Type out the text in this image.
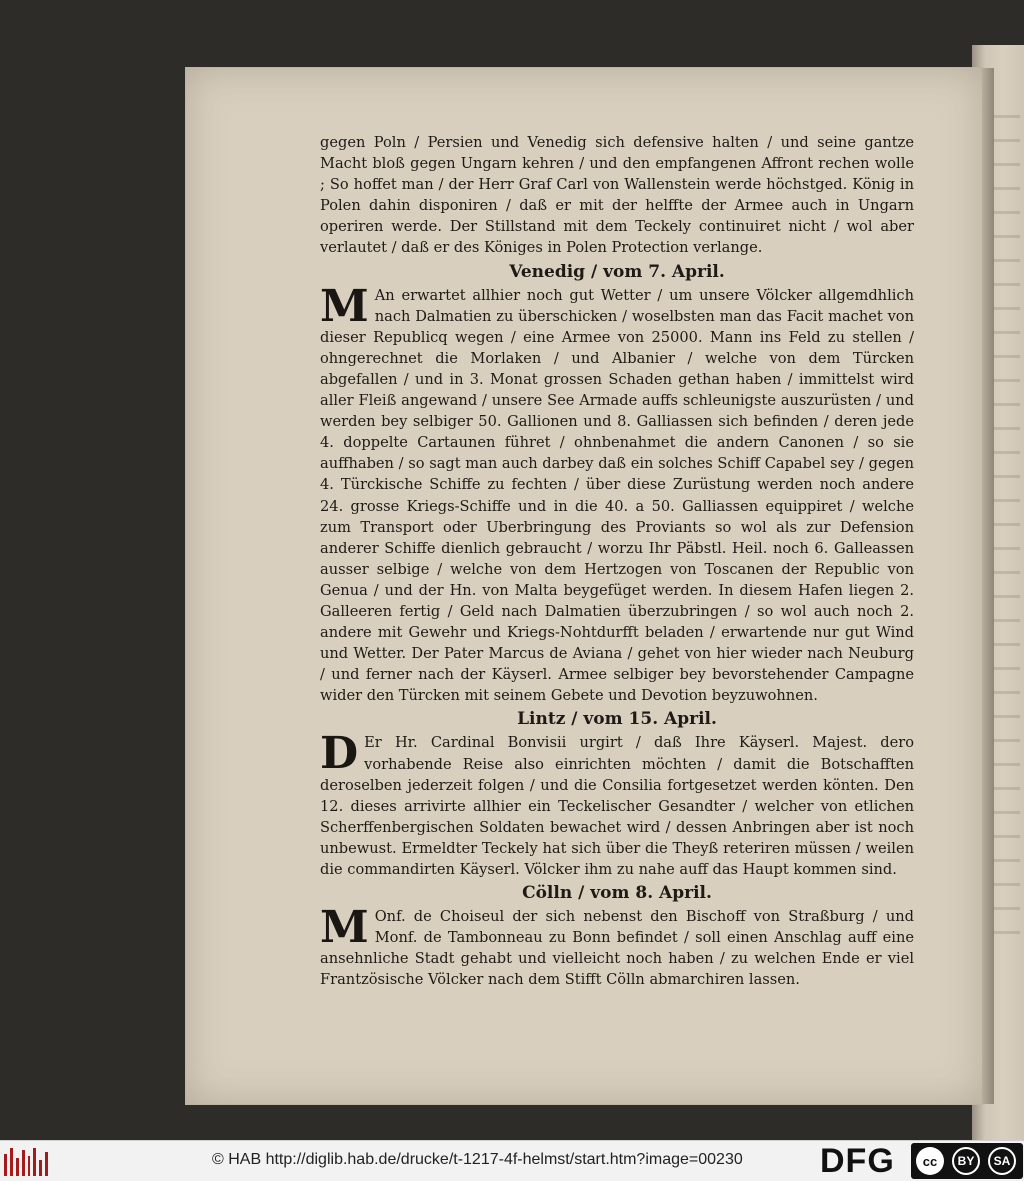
gegen Poln / Persien und Venedig sich defensive halten / und seine gantze Macht bloß gegen Ungarn kehren / und den empfangenen Affront rechen wolle ; So hoffet man / der Herr Graf Carl von Wallenstein werde höchstged. König in Polen dahin disponiren / daß er mit der helffte der Armee auch in Ungarn operiren werde. Der Stillstand mit dem Teckely continuiret nicht / wol aber verlautet / daß er des Königes in Polen Protection verlange.

Venedig / vom 7. April.

M An erwartet allhier noch gut Wetter / um unsere Völcker allgemdhlich nach Dalmatien zu überschicken / woselbsten man das Facit machet von dieser Republicq wegen / eine Armee von 25000. Mann ins Feld zu stellen / ohngerechnet die Morlaken / und Albanier / welche von dem Türcken abgefallen / und in 3. Monat grossen Schaden gethan haben / immittelst wird aller Fleiß angewand / unsere See Armade auffs schleunigste auszurüsten / und werden bey selbiger 50. Gallionen und 8. Galliassen sich befinden / deren jede 4. doppelte Cartaunen führet / ohnbenahmet die andern Canonen / so sie auffhaben / so sagt man auch darbey daß ein solches Schiff Capabel sey / gegen 4. Türckische Schiffe zu fechten / über diese Zurüstung werden noch andere 24. grosse Kriegs-Schiffe und in die 40. a 50. Galliassen equippiret / welche zum Transport oder Uberbringung des Proviants so wol als zur Defension anderer Schiffe dienlich gebraucht / worzu Ihr Päbstl. Heil. noch 6. Galleassen ausser selbige / welche von dem Hertzogen von Toscanen der Republic von Genua / und der Hn. von Malta beygefüget werden. In diesem Hafen liegen 2. Galleeren fertig / Geld nach Dalmatien überzubringen / so wol auch noch 2. andere mit Gewehr und Kriegs-Nohtdurfft beladen / erwartende nur gut Wind und Wetter. Der Pater Marcus de Aviana / gehet von hier wieder nach Neuburg / und ferner nach der Käyserl. Armee selbiger bey bevorstehender Campagne wider den Türcken mit seinem Gebete und Devotion beyzuwohnen.

Lintz / vom 15. April.

D Er Hr. Cardinal Bonvisii urgirt / daß Ihre Käyserl. Majest. dero vorhabende Reise also einrichten möchten / damit die Botschafften deroselben jederzeit folgen / und die Consilia fortgesetzet werden könten. Den 12. dieses arrivirte allhier ein Teckelischer Gesandter / welcher von etlichen Scherffenbergischen Soldaten bewachet wird / dessen Anbringen aber ist noch unbewust. Ermeldter Teckely hat sich über die Theyß reteriren müssen / weilen die commandirten Käyserl. Völcker ihm zu nahe auff das Haupt kommen sind.

Cölln / vom 8. April.

M Onf. de Choiseul der sich nebenst den Bischoff von Straßburg / und Monf. de Tambonneau zu Bonn befindet / soll einen Anschlag auff eine ansehnliche Stadt gehabt und vielleicht noch haben / zu welchen Ende er viel Frantzösische Völcker nach dem Stifft Cölln abmarchiren lassen.

© HAB http://diglib.hab.de/drucke/t-1217-4f-helmst/start.htm?image=00230 DFG	cc	BY	SA
